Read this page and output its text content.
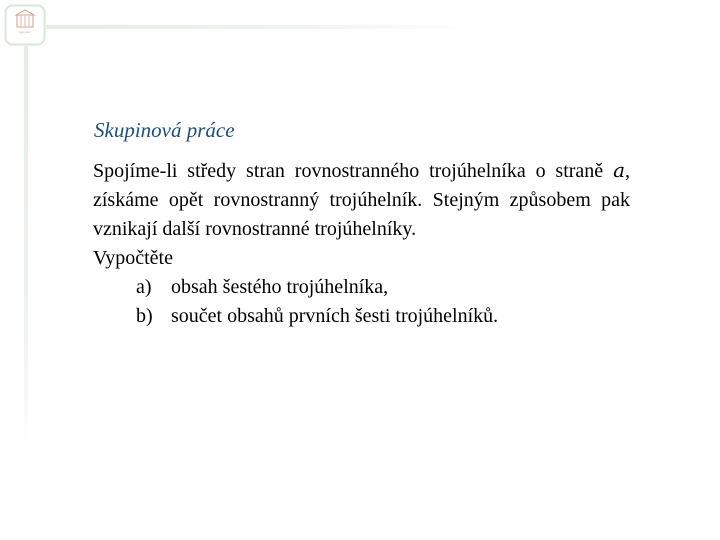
logo-text
Skupinová práce

Spojíme-li středy stran rovnostranného trojúhelníka o straně a, získáme opět rovnostranný trojúhelník. Stejným způsobem pak vznikají další rovnostranné trojúhelníky.

Vypočtěte

a) obsah šestého trojúhelníka,
b) součet obsahů prvních šesti trojúhelníků.
